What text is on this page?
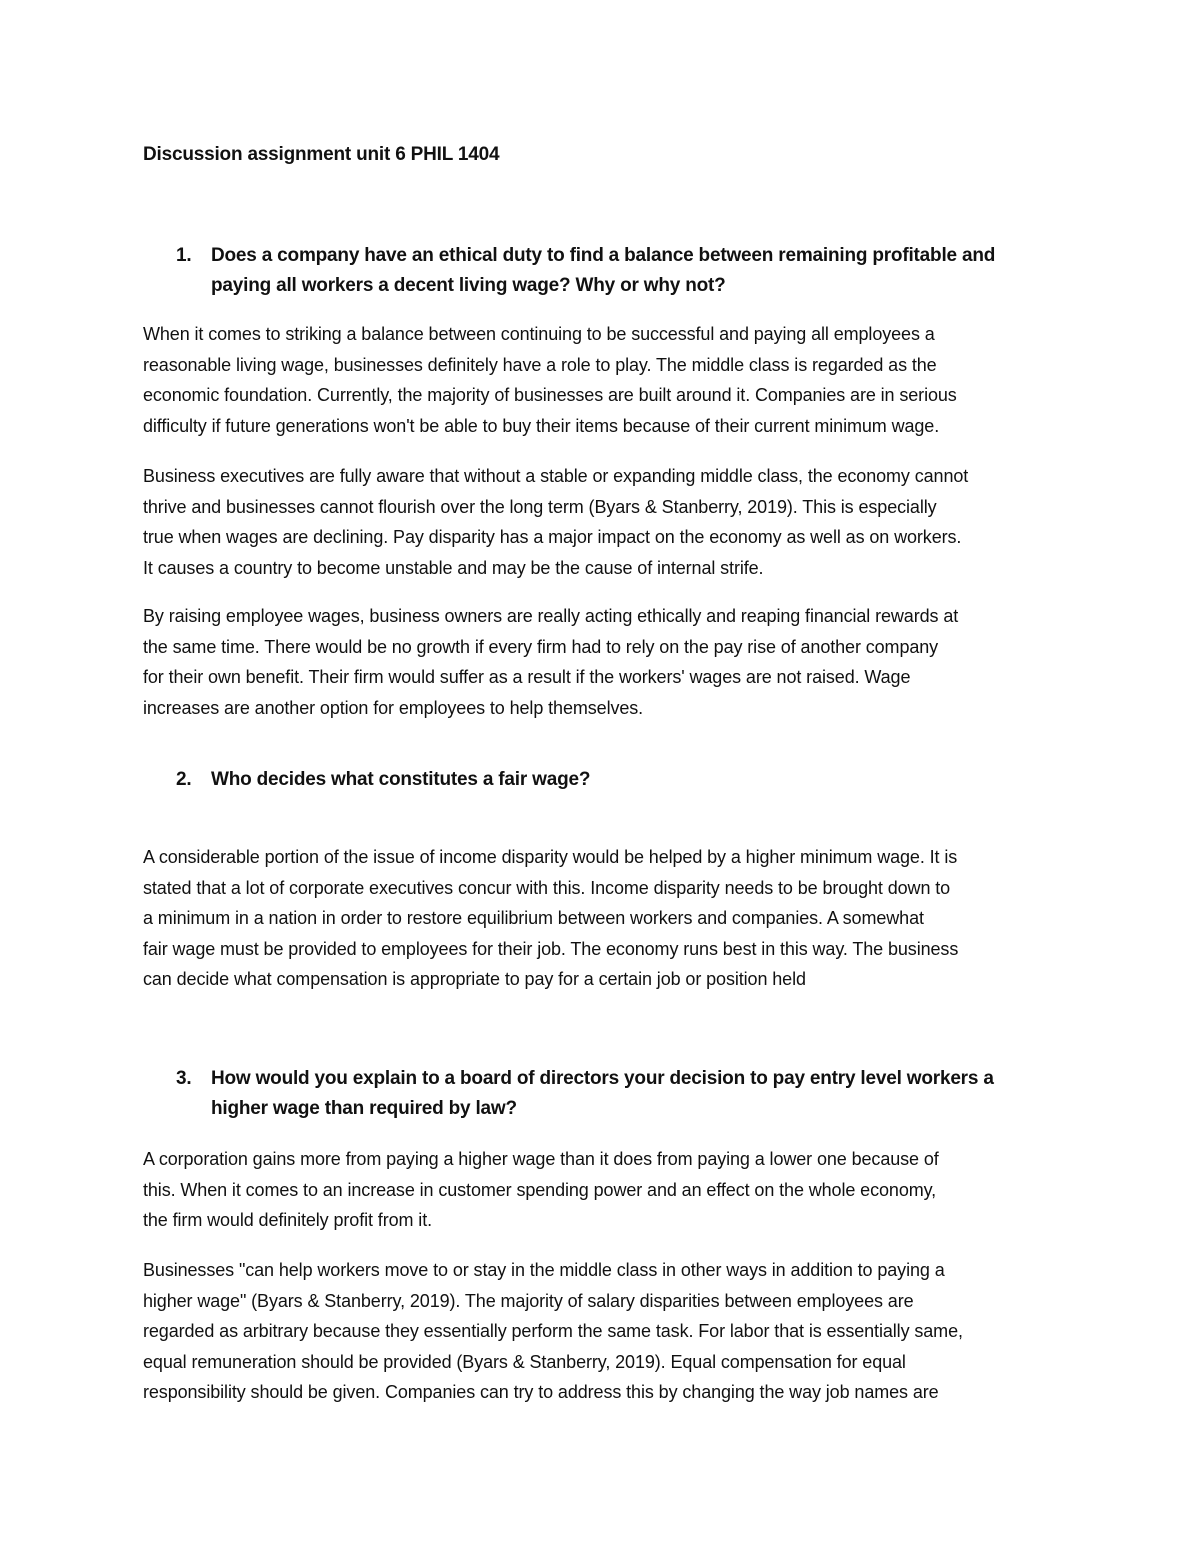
Discussion assignment unit 6 PHIL 1404
1. Does a company have an ethical duty to find a balance between remaining profitable and
paying all workers a decent living wage? Why or why not?
When it comes to striking a balance between continuing to be successful and paying all employees a
reasonable living wage, businesses definitely have a role to play. The middle class is regarded as the
economic foundation. Currently, the majority of businesses are built around it. Companies are in serious
difficulty if future generations won't be able to buy their items because of their current minimum wage.
Business executives are fully aware that without a stable or expanding middle class, the economy cannot
thrive and businesses cannot flourish over the long term (Byars & Stanberry, 2019). This is especially
true when wages are declining. Pay disparity has a major impact on the economy as well as on workers.
It causes a country to become unstable and may be the cause of internal strife.
By raising employee wages, business owners are really acting ethically and reaping financial rewards at
the same time. There would be no growth if every firm had to rely on the pay rise of another company
for their own benefit. Their firm would suffer as a result if the workers' wages are not raised. Wage
increases are another option for employees to help themselves.
2. Who decides what constitutes a fair wage?
A considerable portion of the issue of income disparity would be helped by a higher minimum wage. It is
stated that a lot of corporate executives concur with this. Income disparity needs to be brought down to
a minimum in a nation in order to restore equilibrium between workers and companies. A somewhat
fair wage must be provided to employees for their job. The economy runs best in this way. The business
can decide what compensation is appropriate to pay for a certain job or position held
3. How would you explain to a board of directors your decision to pay entry level workers a
higher wage than required by law?
A corporation gains more from paying a higher wage than it does from paying a lower one because of
this. When it comes to an increase in customer spending power and an effect on the whole economy,
the firm would definitely profit from it.
Businesses "can help workers move to or stay in the middle class in other ways in addition to paying a
higher wage" (Byars & Stanberry, 2019). The majority of salary disparities between employees are
regarded as arbitrary because they essentially perform the same task. For labor that is essentially same,
equal remuneration should be provided (Byars & Stanberry, 2019). Equal compensation for equal
responsibility should be given. Companies can try to address this by changing the way job names are
